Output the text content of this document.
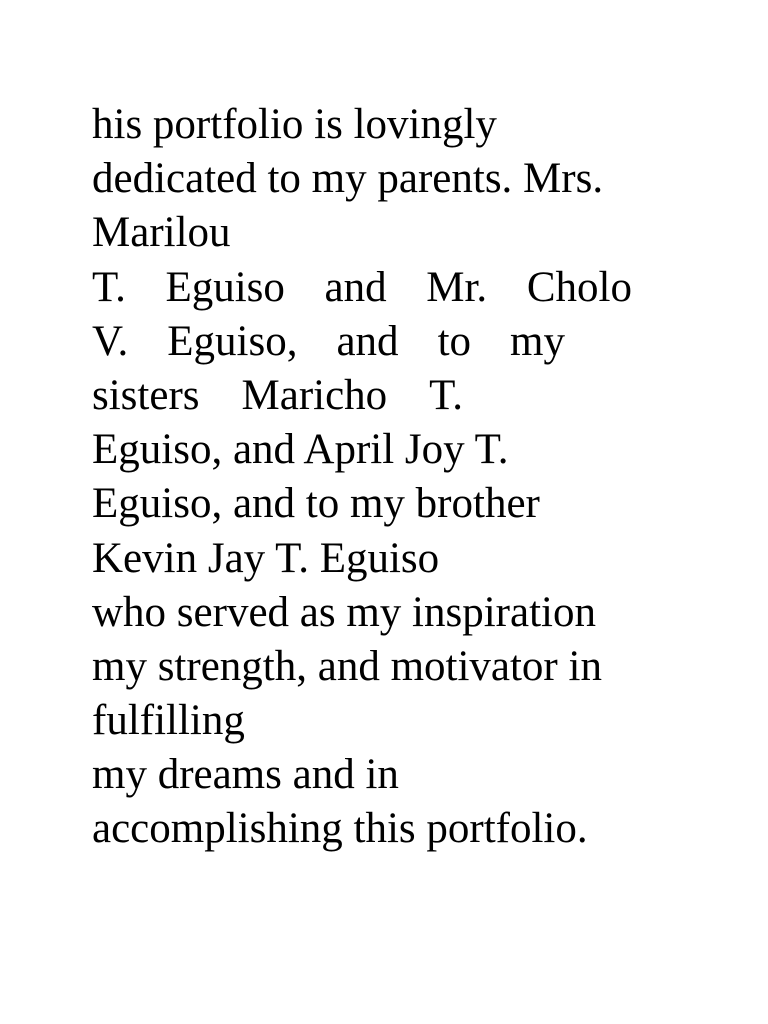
his portfolio is lovingly
dedicated to my parents. Mrs.
Marilou
T. Eguiso and Mr. Cholo
V. Eguiso, and to my
sisters Maricho T.
Eguiso, and April Joy T.
Eguiso, and to my brother
Kevin Jay T. Eguiso
who served as my inspiration
my strength, and motivator in
fulfilling
my dreams and in
accomplishing this portfolio.
